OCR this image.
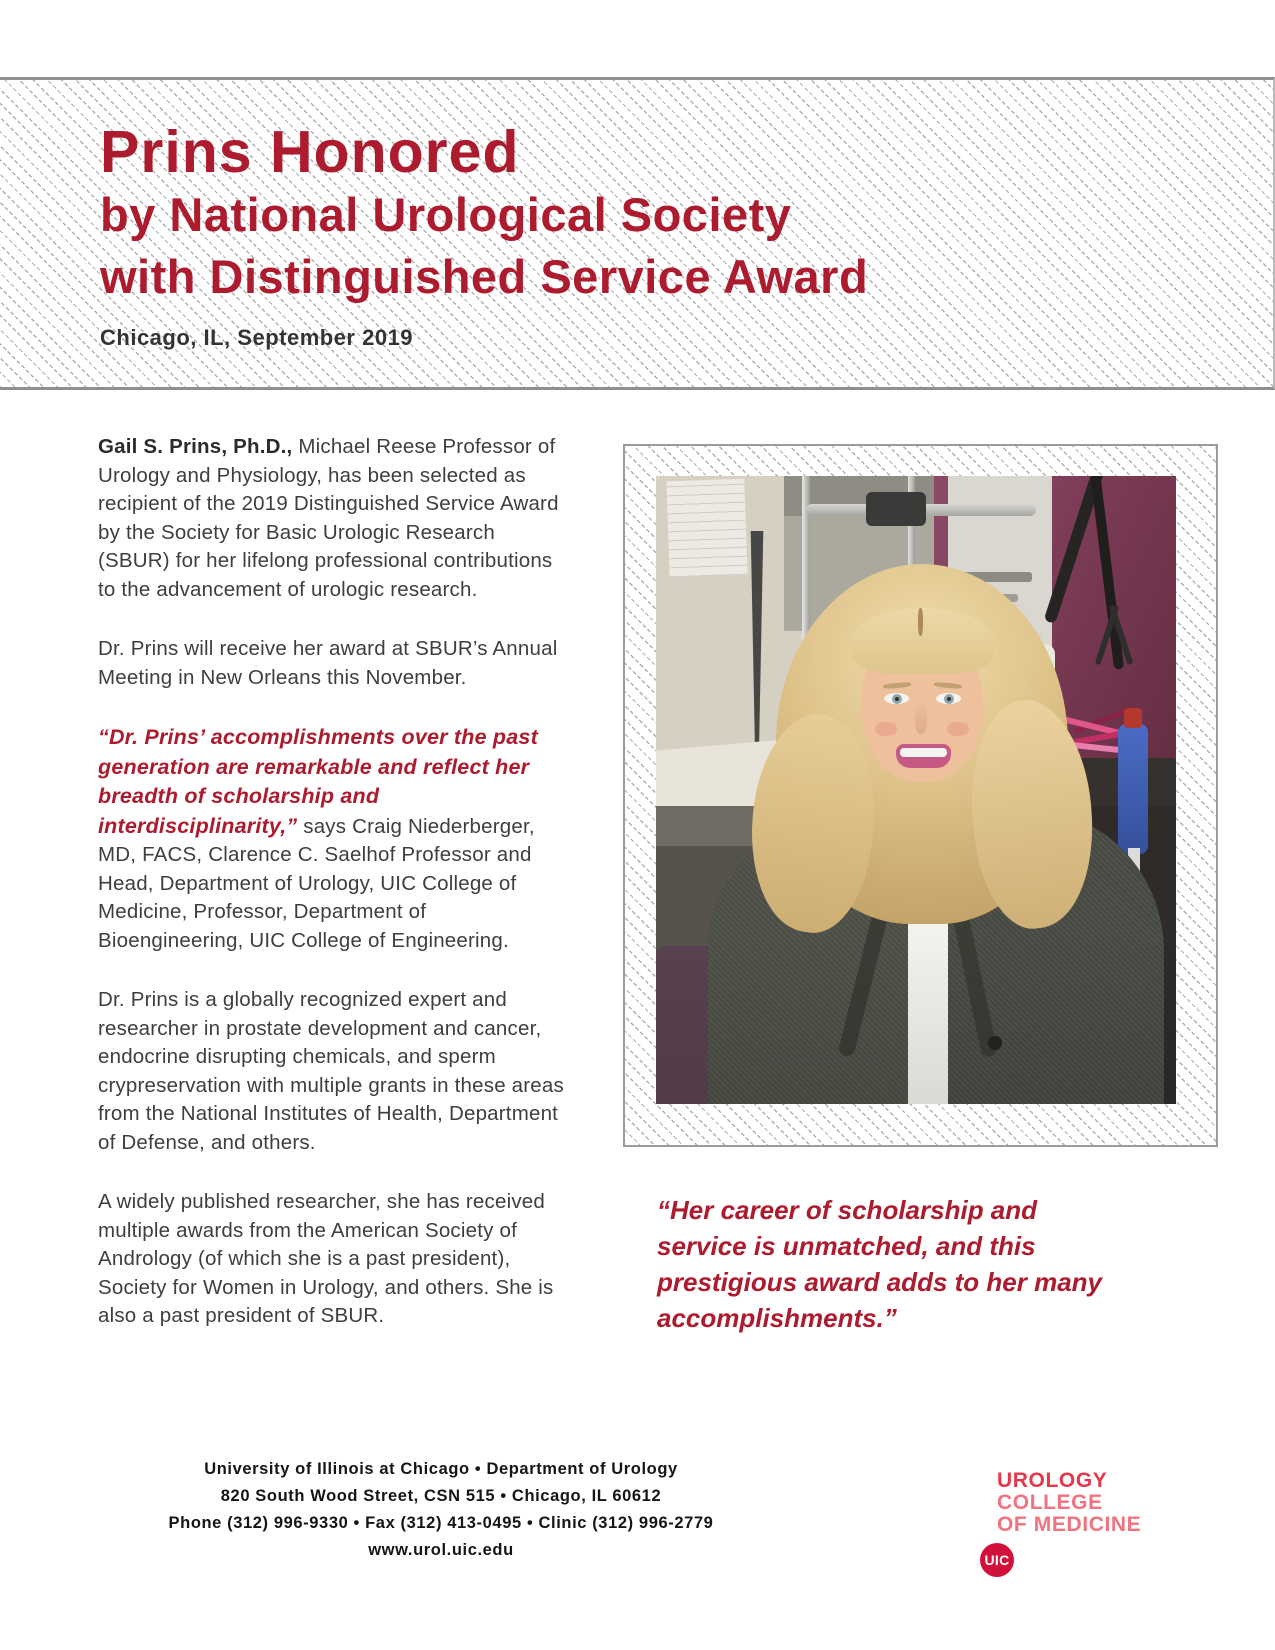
Prins Honored
by National Urological Society
with Distinguished Service Award
Chicago, IL, September 2019

Gail S. Prins, Ph.D., Michael Reese Professor of Urology and Physiology, has been selected as recipient of the 2019 Distinguished Service Award by the Society for Basic Urologic Research (SBUR) for her lifelong professional contributions to the advancement of urologic research.

Dr. Prins will receive her award at SBUR’s Annual Meeting in New Orleans this November.

“Dr. Prins’ accomplishments over the past generation are remarkable and reflect her breadth of scholarship and interdisciplinarity,” says Craig Niederberger, MD, FACS, Clarence C. Saelhof Professor and Head, Department of Urology, UIC College of Medicine, Professor, Department of Bioengineering, UIC College of Engineering.

Dr. Prins is a globally recognized expert and researcher in prostate development and cancer, endocrine disrupting chemicals, and sperm crypreservation with multiple grants in these areas from the National Institutes of Health, Department of Defense, and others.

A widely published researcher, she has received multiple awards from the American Society of Andrology (of which she is a past president), Society for Women in Urology, and others. She is also a past president of SBUR.

“Her career of scholarship and service is unmatched, and this prestigious award adds to her many accomplishments.”
University of Illinois at Chicago • Department of Urology
820 South Wood Street, CSN 515 • Chicago, IL 60612
Phone (312) 996-9330 • Fax (312) 413-0495 • Clinic (312) 996-2779
www.urol.uic.edu
UROLOGY
COLLEGE
OF MEDICINE
UIC
